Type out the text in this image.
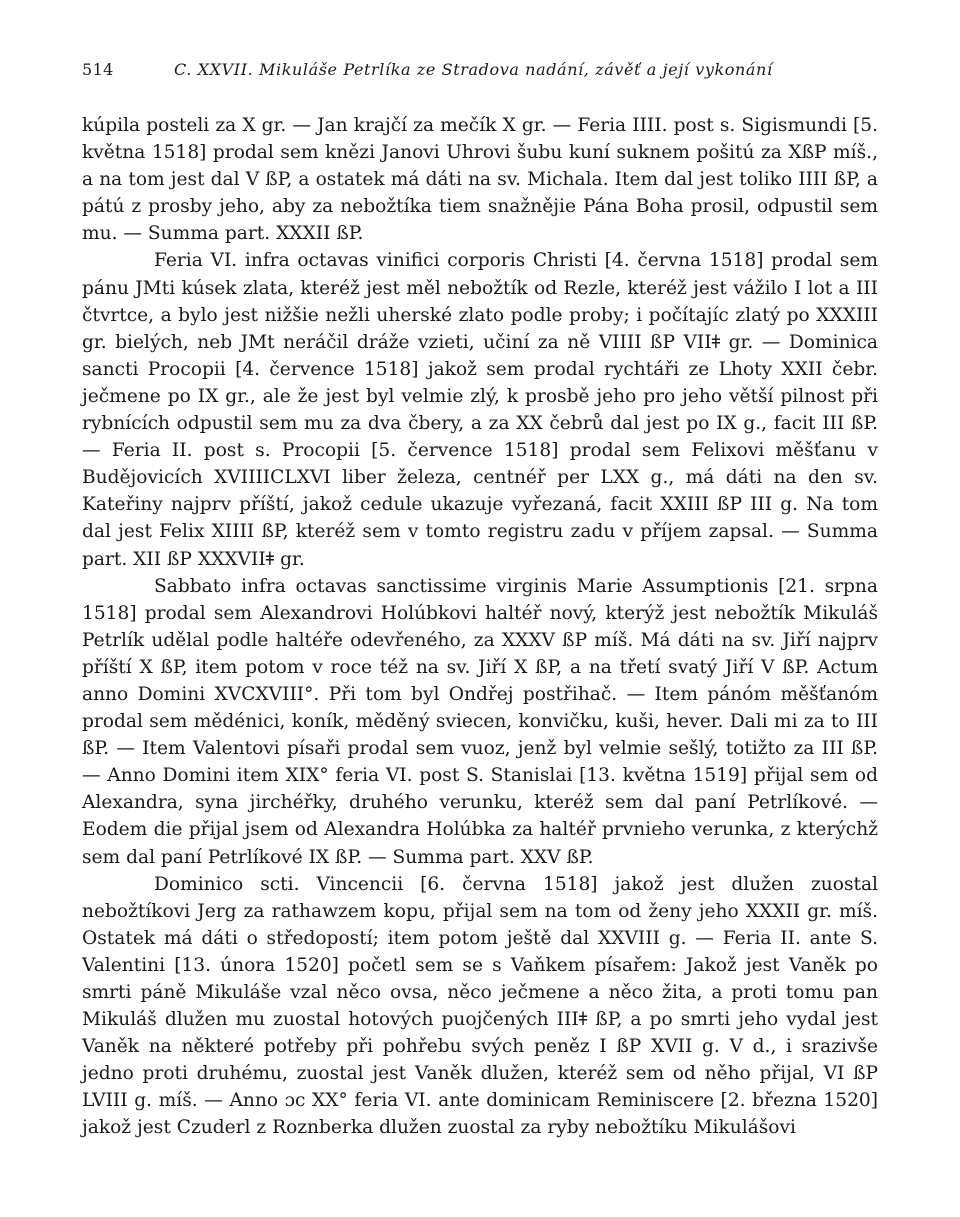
514	C. XXVII. Mikuláše Petrlíka ze Stradova nadání, závěť a její vykonání

kúpila posteli za X gr. — Jan krajčí za mečík X gr. — Feria IIII. post s. Sigismundi [5. května 1518] prodal sem knězi Janovi Uhrovi šubu kuní suknem pošitú za XßP míš., a na tom jest dal V ßP, a ostatek má dáti na sv. Michala. Item dal jest toliko IIII ßP, a pátú z prosby jeho, aby za nebožtíka tiem snažnějie Pána Boha prosil, odpustil sem mu. — Summa part. XXXII ßP.

Feria VI. infra octavas vinifici corporis Christi [4. června 1518] prodal sem pánu JMti kúsek zlata, kteréž jest měl nebožtík od Rezle, kteréž jest vážilo I lot a III čtvrtce, a bylo jest nižšie nežli uherské zlato podle proby; i počítajíc zlatý po XXXIII gr. bielých, neb JMt neráčil dráže vzieti, učiní za ně VIIII ßP VIIǂ gr. — Dominica sancti Procopii [4. července 1518] jakož sem prodal rychtáři ze Lhoty XXII čebr. ječmene po IX gr., ale že jest byl velmie zlý, k prosbě jeho pro jeho větší pilnost při rybnících odpustil sem mu za dva čbery, a za XX čebrů dal jest po IX g., facit III ßP. — Feria II. post s. Procopii [5. července 1518] prodal sem Felixovi měšťanu v Budějovicích XVIIIICLXVI liber železa, centnéř per LXX g., má dáti na den sv. Kateřiny najprv příští, jakož cedule ukazuje vyřezaná, facit XXIII ßP III g. Na tom dal jest Felix XIIII ßP, kteréž sem v tomto registru zadu v příjem zapsal. — Summa part. XII ßP XXXVIIǂ gr.

Sabbato infra octavas sanctissime virginis Marie Assumptionis [21. srpna 1518] prodal sem Alexandrovi Holúbkovi haltéř nový, kterýž jest nebožtík Mikuláš Petrlík udělal podle haltéře odevřeného, za XXXV ßP míš. Má dáti na sv. Jiří najprv příští X ßP, item potom v roce též na sv. Jiří X ßP, a na třetí svatý Jiří V ßP. Actum anno Domini XVCXVIII°. Při tom byl Ondřej postřihač. — Item pánóm měšťanóm prodal sem mědénici, koník, měděný sviecen, konvičku, kuši, hever. Dali mi za to III ßP. — Item Valentovi písaři prodal sem vuoz, jenž byl velmie sešlý, totižto za III ßP. — Anno Domini item XIX° feria VI. post S. Stanislai [13. května 1519] přijal sem od Alexandra, syna jirchéřky, druhého verunku, kteréž sem dal paní Petrlíkové. — Eodem die přijal jsem od Alexandra Holúbka za haltéř prvnieho verunka, z kterýchž sem dal paní Petrlíkové IX ßP. — Summa part. XXV ßP.

Dominico scti. Vincencii [6. června 1518] jakož jest dlužen zuostal nebožtíkovi Jerg za rathawzem kopu, přijal sem na tom od ženy jeho XXXII gr. míš. Ostatek má dáti o středopostí; item potom ještě dal XXVIII g. — Feria II. ante S. Valentini [13. února 1520] početl sem se s Vaňkem písařem: Jakož jest Vaněk po smrti páně Mikuláše vzal něco ovsa, něco ječmene a něco žita, a proti tomu pan Mikuláš dlužen mu zuostal hotových puojčených IIIǂ ßP, a po smrti jeho vydal jest Vaněk na některé potřeby při pohřebu svých peněz I ßP XVII g. V d., i srazivše jedno proti druhému, zuostal jest Vaněk dlužen, kteréž sem od něho přijal, VI ßP LVIII g. míš. — Anno ɔc XX° feria VI. ante dominicam Reminiscere [2. března 1520] jakož jest Czuderl z Roznberka dlužen zuostal za ryby nebožtíku Mikulášovi
